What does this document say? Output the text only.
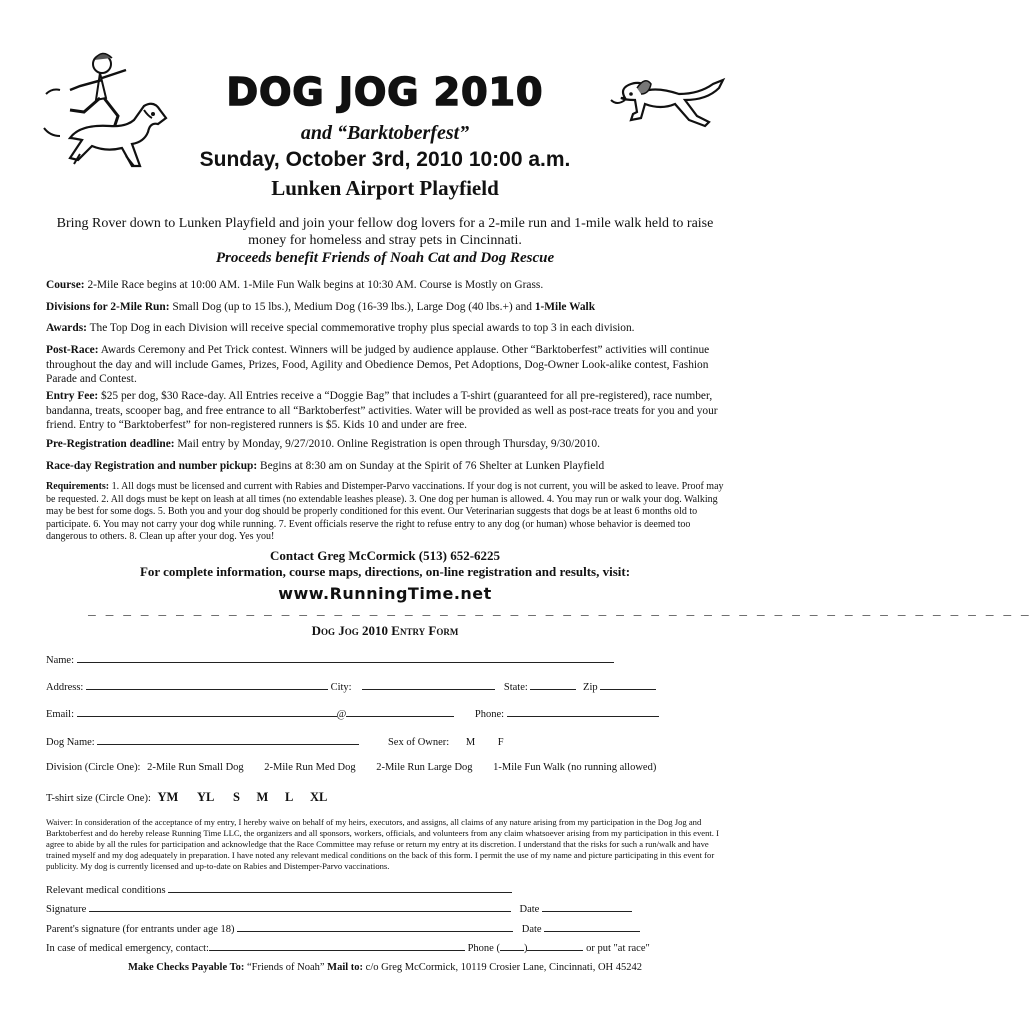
DOG JOG 2010
and “Barktoberfest”
Sunday, October 3rd, 2010 10:00 a.m.
Lunken Airport Playfield
Bring Rover down to Lunken Playfield and join your fellow dog lovers for a 2-mile run and 1-mile walk held to raise money for homeless and stray pets in Cincinnati.
Proceeds benefit Friends of Noah Cat and Dog Rescue
Course: 2-Mile Race begins at 10:00 AM. 1-Mile Fun Walk begins at 10:30 AM. Course is Mostly on Grass.
Divisions for 2-Mile Run: Small Dog (up to 15 lbs.), Medium Dog (16-39 lbs.), Large Dog (40 lbs.+) and 1-Mile Walk
Awards: The Top Dog in each Division will receive special commemorative trophy plus special awards to top 3 in each division.
Post-Race: Awards Ceremony and Pet Trick contest. Winners will be judged by audience applause. Other “Barktoberfest” activities will continue throughout the day and will include Games, Prizes, Food, Agility and Obedience Demos, Pet Adoptions, Dog-Owner Look-alike contest, Fashion Parade and Contest.
Entry Fee: $25 per dog, $30 Race-day. All Entries receive a “Doggie Bag” that includes a T-shirt (guaranteed for all pre-registered), race number, bandanna, treats, scooper bag, and free entrance to all “Barktoberfest” activities. Water will be provided as well as post-race treats for you and your friend. Entry to “Barktoberfest” for non-registered runners is $5. Kids 10 and under are free.
Pre-Registration deadline: Mail entry by Monday, 9/27/2010. Online Registration is open through Thursday, 9/30/2010.
Race-day Registration and number pickup: Begins at 8:30 am on Sunday at the Spirit of 76 Shelter at Lunken Playfield
Requirements: 1. All dogs must be licensed and current with Rabies and Distemper-Parvo vaccinations. If your dog is not current, you will be asked to leave. Proof may be requested. 2. All dogs must be kept on leash at all times (no extendable leashes please). 3. One dog per human is allowed. 4. You may run or walk your dog. Walking may be best for some dogs. 5. Both you and your dog should be properly conditioned for this event. Our Veterinarian suggests that dogs be at least 6 months old to participate. 6. You may not carry your dog while running. 7. Event officials reserve the right to refuse entry to any dog (or human) whose behavior is deemed too dangerous to others. 8. Clean up after your dog. Yes you!
Contact Greg McCormick (513) 652-6225
For complete information, course maps, directions, on-line registration and results, visit:
www.RunningTime.net
_ _ _ _ _ _ _ _ _ _ _ _ _ _ _ _ _ _ _ _ _ _ _ _ _ _ _ _ _ _ _ _ _ _ _ _ _ _ _ _ _ _ _ _ _ _ _ _ _ _ _ _ _ _
Dog Jog 2010 Entry Form
Name:
Address:	City:	State:	Zip
Email:	@	Phone:
Dog Name:	Sex of Owner: M F
Division (Circle One): 2-Mile Run Small Dog 2-Mile Run Med Dog 2-Mile Run Large Dog 1-Mile Fun Walk (no running allowed)
T-shirt size (Circle One): YM YL S M L XL
Waiver: In consideration of the acceptance of my entry, I hereby waive on behalf of my heirs, executors, and assigns, all claims of any nature arising from my participation in the Dog Jog and Barktoberfest and do hereby release Running Time LLC, the organizers and all sponsors, workers, officials, and volunteers from any claim whatsoever arising from my participation in this event. I agree to abide by all the rules for participation and acknowledge that the Race Committee may refuse or return my entry at its discretion. I understand that the risks for such a run/walk and have trained myself and my dog adequately in preparation. I have noted any relevant medical conditions on the back of this form. I permit the use of my name and picture participating in this event for publicity. My dog is currently licensed and up-to-date on Rabies and Distemper-Parvo vaccinations.
Relevant medical conditions
Signature	Date
Parent's signature (for entrants under age 18)	Date
In case of medical emergency, contact:	Phone ( )	or put "at race"
Make Checks Payable To: “Friends of Noah” Mail to: c/o Greg McCormick, 10119 Crosier Lane, Cincinnati, OH 45242
